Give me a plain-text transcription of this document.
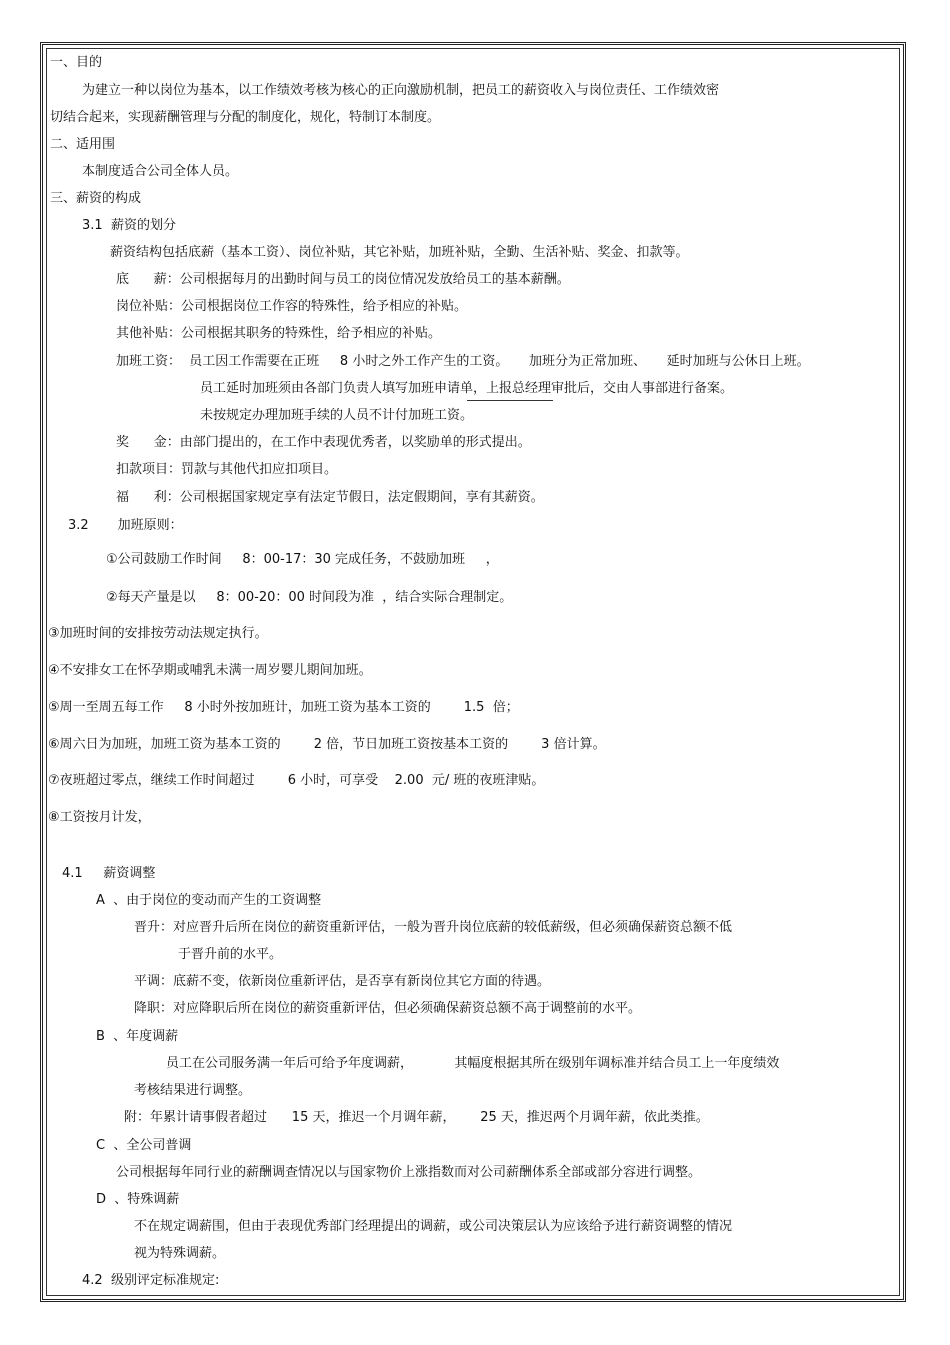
一、目的
为建立一种以岗位为基本，以工作绩效考核为核心的正向激励机制，把员工的薪资收入与岗位责任、工作绩效密
切结合起来，实现薪酬管理与分配的制度化，规化，特制订本制度。
二、适用围
本制度适合公司全体人员。
三、薪资的构成
3.1  薪资的划分
薪资结构包括底薪（基本工资）、岗位补贴，其它补贴，加班补贴，全勤、生活补贴、奖金、扣款等。
底      薪：公司根据每月的出勤时间与员工的岗位情况发放给员工的基本薪酬。
岗位补贴：公司根据岗位工作容的特殊性，给予相应的补贴。
其他补贴：公司根据其职务的特殊性，给予相应的补贴。
加班工资：  员工因工作需要在正班     8 小时之外工作产生的工资。     加班分为正常加班、     延时加班与公休日上班。
员工延时加班须由各部门负责人填写加班申请单，上报总经理审批后，交由人事部进行备案。
未按规定办理加班手续的人员不计付加班工资。
奖      金：由部门提出的，在工作中表现优秀者，以奖励单的形式提出。
扣款项目：罚款与其他代扣应扣项目。
福      利：公司根据国家规定享有法定节假日，法定假期间，享有其薪资。
3.2       加班原则：
①公司鼓励工作时间     8：00-17：30 完成任务，不鼓励加班     ，
②每天产量是以     8：00-20：00 时间段为准  ，结合实际合理制定。
③加班时间的安排按劳动法规定执行。
④不安排女工在怀孕期或哺乳未满一周岁婴儿期间加班。
⑤周一至周五每工作     8 小时外按加班计，加班工资为基本工资的        1.5  倍；
⑥周六日为加班，加班工资为基本工资的        2 倍，节日加班工资按基本工资的        3 倍计算。
⑦夜班超过零点，继续工作时间超过        6 小时，可享受    2.00  元/ 班的夜班津贴。
⑧工资按月计发，
4.1     薪资调整
A  、由于岗位的变动而产生的工资调整
晋升：对应晋升后所在岗位的薪资重新评估，一般为晋升岗位底薪的较低薪级，但必须确保薪资总额不低
于晋升前的水平。
平调：底薪不变，依新岗位重新评估，是否享有新岗位其它方面的待遇。
降职：对应降职后所在岗位的薪资重新评估，但必须确保薪资总额不高于调整前的水平。
B  、年度调薪
员工在公司服务满一年后可给予年度调薪，          其幅度根据其所在级别年调标准并结合员工上一年度绩效
考核结果进行调整。
附：年累计请事假者超过      15 天，推迟一个月调年薪，      25 天，推迟两个月调年薪，依此类推。
C  、全公司普调
公司根据每年同行业的薪酬调查情况以与国家物价上涨指数而对公司薪酬体系全部或部分容进行调整。
D  、特殊调薪
不在规定调薪围，但由于表现优秀部门经理提出的调薪，或公司决策层认为应该给予进行薪资调整的情况
视为特殊调薪。
4.2  级别评定标准规定:
